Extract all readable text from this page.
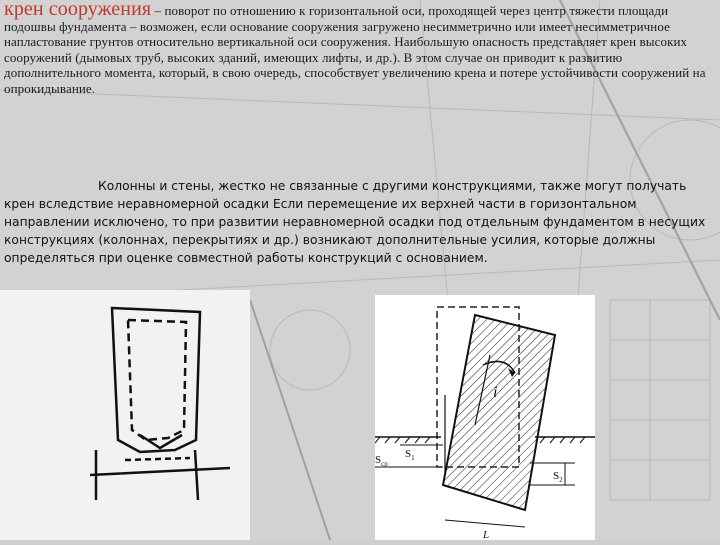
крен сооружения – поворот по отношению к горизонтальной оси, проходящей через центр тяжести площади подошвы фундамента – возможен, если основание сооружения загружено несимметрично или имеет несимметричное напластование грунтов относительно вертикальной оси сооружения. Наибольшую опасность представляет крен высоких сооружений (дымовых труб, высоких зданий, имеющих лифты, и др.). В этом случае он приводит к развитию дополнительного момента, который, в свою очередь, способствует увеличению крена и потере устойчивости сооружений на опрокидывание.

Колонны и стены, жестко не связанные с другими конструкциями, также могут получать крен вследствие неравномерной осадки Если перемещение их верхней части в горизонтальном направлении исключено, то при развитии неравномерной осадки под отдельным фундаментом в несущих конструкциях (колоннах, перекрытиях и др.) возникают дополнительные усилия, которые должны определяться при оценке совместной работы конструкций с основанием.

$S_{ср}$
$S_1$
$S_2$
i
L
